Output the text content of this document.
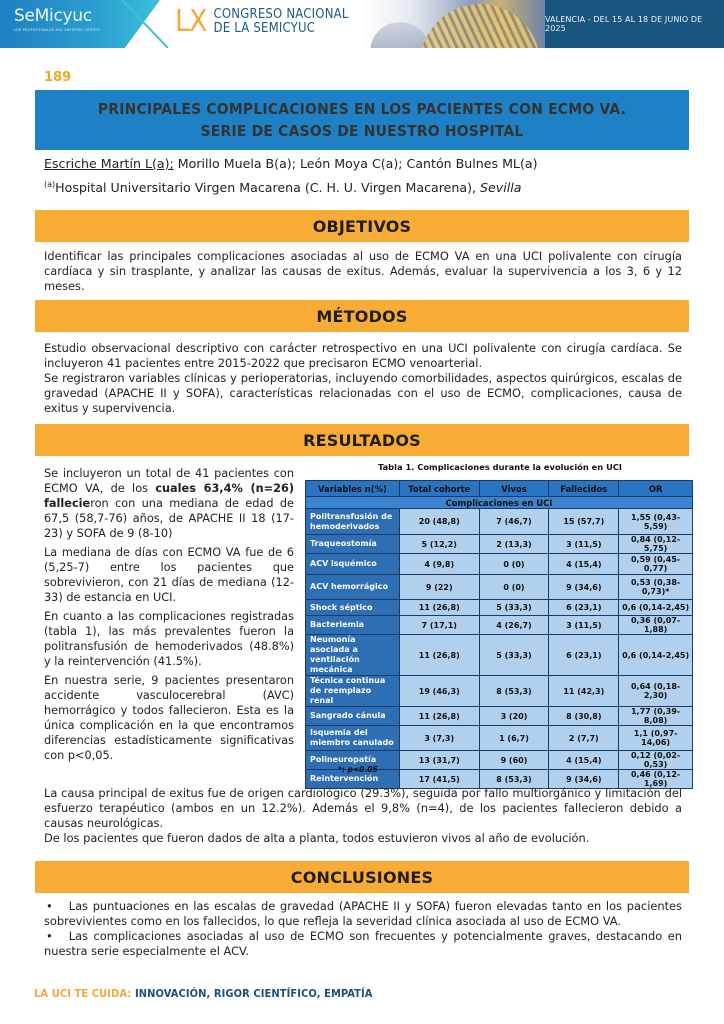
SeMicyuc
LOS PROFESIONALES DEL ENFERMO CRÍTICO	LX CONGRESO NACIONAL
DE LA SEMICYUC
VALENCIA - DEL 15 AL 18 DE JUNIO DE 2025
189
PRINCIPALES COMPLICACIONES EN LOS PACIENTES CON ECMO VA.
SERIE DE CASOS DE NUESTRO HOSPITAL
Escriche Martín L(a); Morillo Muela B(a); León Moya C(a); Cantón Bulnes ML(a)
$^{(a)}$Hospital Universitario Virgen Macarena (C. H. U. Virgen Macarena), Sevilla
OBJETIVOS

Identificar las principales complicaciones asociadas al uso de ECMO VA en una UCI polivalente con cirugía cardíaca y sin trasplante, y analizar las causas de exitus. Además, evaluar la supervivencia a los 3, 6 y 12 meses.

MÉTODOS

Estudio observacional descriptivo con carácter retrospectivo en una UCI polivalente con cirugía cardíaca. Se incluyeron 41 pacientes entre 2015-2022 que precisaron ECMO venoarterial.

Se registraron variables clínicas y perioperatorias, incluyendo comorbilidades, aspectos quirúrgicos, escalas de gravedad (APACHE II y SOFA), características relacionadas con el uso de ECMO, complicaciones, causa de exitus y supervivencia.

RESULTADOS

Se incluyeron un total de 41 pacientes con ECMO VA, de los cuales 63,4% (n=26) fallecieron con una mediana de edad de 67,5 (58,7-76) años, de APACHE II 18 (17-23) y SOFA de 9 (8-10)

La mediana de días con ECMO VA fue de 6 (5,25-7) entre los pacientes que sobrevivieron, con 21 días de mediana (12-33) de estancia en UCI.

En cuanto a las complicaciones registradas (tabla 1), las más prevalentes fueron la politransfusión de hemoderivados (48.8%) y la reintervención (41.5%).

En nuestra serie, 9 pacientes presentaron accidente vasculocerebral (AVC) hemorrágico y todos fallecieron. Esta es la única complicación en la que encontramos diferencias estadísticamente significativas con p<0,05.

Tabla 1. Complicaciones durante la evolución en UCI
Variables n(%)	Total cohorte	Vivos	Fallecidos	OR
Complicaciones en UCI				
Politransfusión de hemoderivados	20 (48,8)	7 (46,7)	15 (57,7)	1,55 (0,43-5,59)
Traqueostomía	5 (12,2)	2 (13,3)	3 (11,5)	0,84 (0,12-5,75)
ACV isquémico	4 (9,8)	0 (0)	4 (15,4)	0,59 (0,45-0,77)
ACV hemorrágico	9 (22)	0 (0)	9 (34,6)	0,53 (0,38-0,73)*
Shock séptico	11 (26,8)	5 (33,3)	6 (23,1)	0,6 (0,14-2,45)
Bacteriemia	7 (17,1)	4 (26,7)	3 (11,5)	0,36 (0,07-1,88)
Neumonía asociada a ventilación mecánica	11 (26,8)	5 (33,3)	6 (23,1)	0,6 (0,14-2,45)
Técnica continua de reemplazo renal	19 (46,3)	8 (53,3)	11 (42,3)	0,64 (0,18-2,30)
Sangrado cánula	11 (26,8)	3 (20)	8 (30,8)	1,77 (0,39-8,08)
Isquemia del miembro canulado	3 (7,3)	1 (6,7)	2 (7,7)	1,1 (0,97-14,06)
Polineuropatía	13 (31,7)	9 (60)	4 (15,4)	0,12 (0,02-0,53)
Reintervención	17 (41,5)	8 (53,3)	9 (34,6)	0,46 (0,12-1,69)
*: p<0.05

La causa principal de exitus fue de origen cardiológico (29.3%), seguida por fallo multiorgánico y limitación del esfuerzo terapéutico (ambos en un 12.2%). Además el 9,8% (n=4), de los pacientes fallecieron debido a causas neurológicas.

De los pacientes que fueron dados de alta a planta, todos estuvieron vivos al año de evolución.

CONCLUSIONES

• Las puntuaciones en las escalas de gravedad (APACHE II y SOFA) fueron elevadas tanto en los pacientes sobrevivientes como en los fallecidos, lo que refleja la severidad clínica asociada al uso de ECMO VA.

• Las complicaciones asociadas al uso de ECMO son frecuentes y potencialmente graves, destacando en nuestra serie especialmente el ACV.

LA UCI TE CUIDA: INNOVACIÓN, RIGOR CIENTÍFICO, EMPATÍA
